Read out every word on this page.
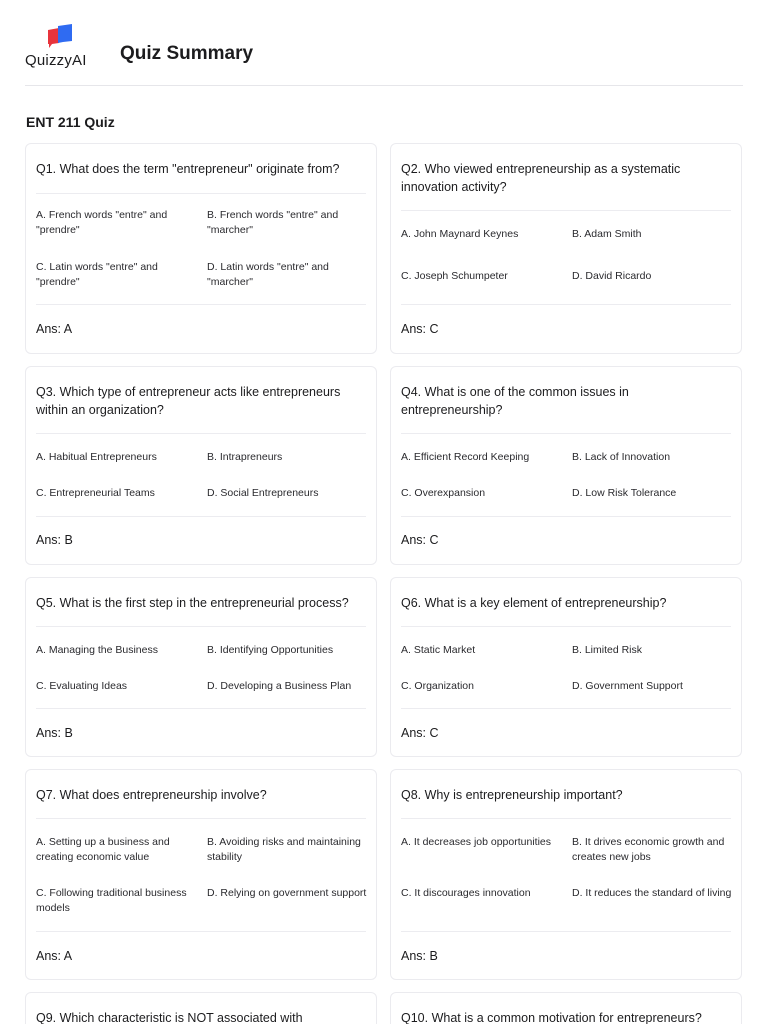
QuizzyAI Quiz Summary
ENT 211 Quiz
Q1. What does the term "entrepreneur" originate from?
A. French words "entre" and "prendre"
B. French words "entre" and "marcher"
C. Latin words "entre" and "prendre"
D. Latin words "entre" and "marcher"
Ans: A
Q2. Who viewed entrepreneurship as a systematic innovation activity?
A. John Maynard Keynes	B. Adam Smith
C. Joseph Schumpeter	D. David Ricardo
Ans: C
Q3. Which type of entrepreneur acts like entrepreneurs within an organization?
A. Habitual Entrepreneurs	B. Intrapreneurs
C. Entrepreneurial Teams	D. Social Entrepreneurs
Ans: B
Q4. What is one of the common issues in entrepreneurship?
A. Efficient Record Keeping	B. Lack of Innovation
C. Overexpansion	D. Low Risk Tolerance
Ans: C
Q5. What is the first step in the entrepreneurial process?
A. Managing the Business	B. Identifying Opportunities
C. Evaluating Ideas	D. Developing a Business Plan
Ans: B
Q6. What is a key element of entrepreneurship?
A. Static Market	B. Limited Risk
C. Organization	D. Government Support
Ans: C
Q7. What does entrepreneurship involve?
A. Setting up a business and creating economic value
B. Avoiding risks and maintaining stability
C. Following traditional business models
D. Relying on government support
Ans: A
Q8. Why is entrepreneurship important?
A. It decreases job opportunities	B. It drives economic growth and creates new jobs
C. It discourages innovation	D. It reduces the standard of living
Ans: B
Q9. Which characteristic is NOT associated with	Q10. What is a common motivation for entrepreneurs?
